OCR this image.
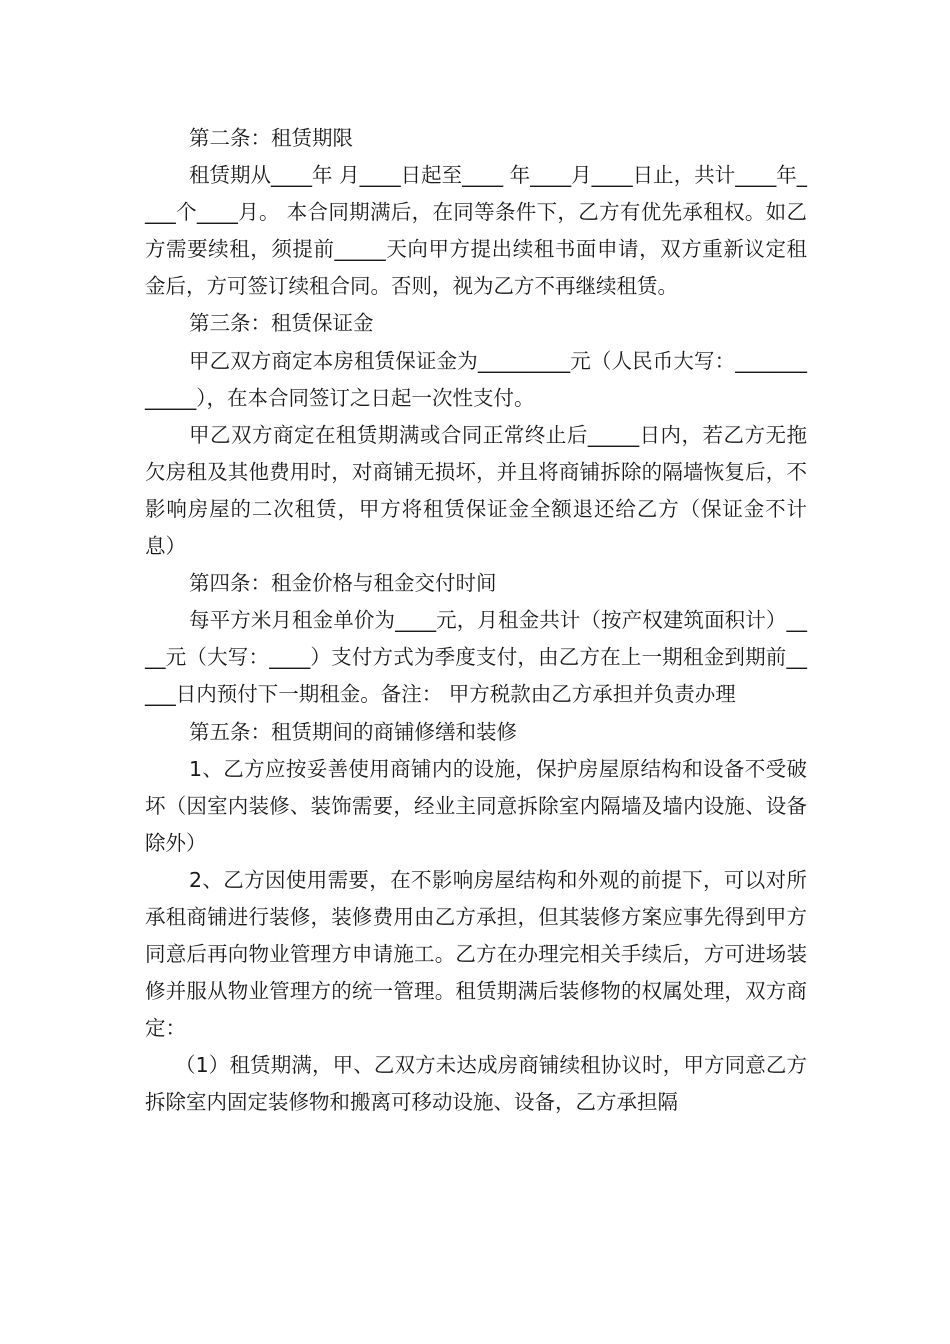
第二条：租赁期限

租赁期从____年 月____日起至____ 年____月____日止，共计____年____个____月。 本合同期满后，在同等条件下，乙方有优先承租权。如乙方需要续租，须提前_____天向甲方提出续租书面申请，双方重新议定租金后，方可签订续租合同。否则，视为乙方不再继续租赁。

第三条：租赁保证金

甲乙双方商定本房租赁保证金为_________元（人民币大写：____________），在本合同签订之日起一次性支付。

甲乙双方商定在租赁期满或合同正常终止后_____日内，若乙方无拖欠房租及其他费用时，对商铺无损坏，并且将商铺拆除的隔墙恢复后，不影响房屋的二次租赁，甲方将租赁保证金全额退还给乙方（保证金不计息）

第四条：租金价格与租金交付时间

每平方米月租金单价为____元，月租金共计（按产权建筑面积计）____元（大写：____）支付方式为季度支付，由乙方在上一期租金到期前_____日内预付下一期租金。备注： 甲方税款由乙方承担并负责办理

第五条：租赁期间的商铺修缮和装修

1、乙方应按妥善使用商铺内的设施，保护房屋原结构和设备不受破坏（因室内装修、装饰需要，经业主同意拆除室内隔墙及墙内设施、设备除外）

2、乙方因使用需要，在不影响房屋结构和外观的前提下，可以对所承租商铺进行装修，装修费用由乙方承担，但其装修方案应事先得到甲方同意后再向物业管理方申请施工。乙方在办理完相关手续后，方可进场装修并服从物业管理方的统一管理。租赁期满后装修物的权属处理，双方商定：

（1）租赁期满，甲、乙双方未达成房商铺续租协议时，甲方同意乙方拆除室内固定装修物和搬离可移动设施、设备，乙方承担隔
